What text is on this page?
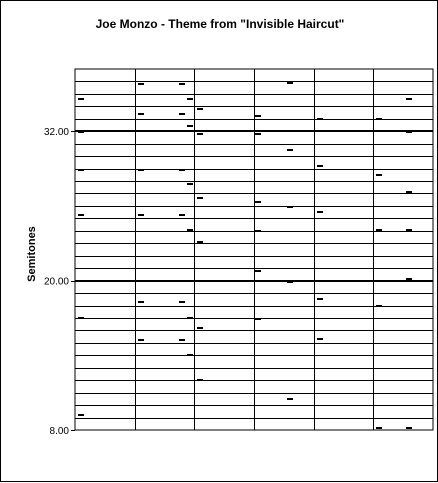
Joe Monzo - Theme from "Invisible Haircut"
Semitones
8.00
20.00
32.00
